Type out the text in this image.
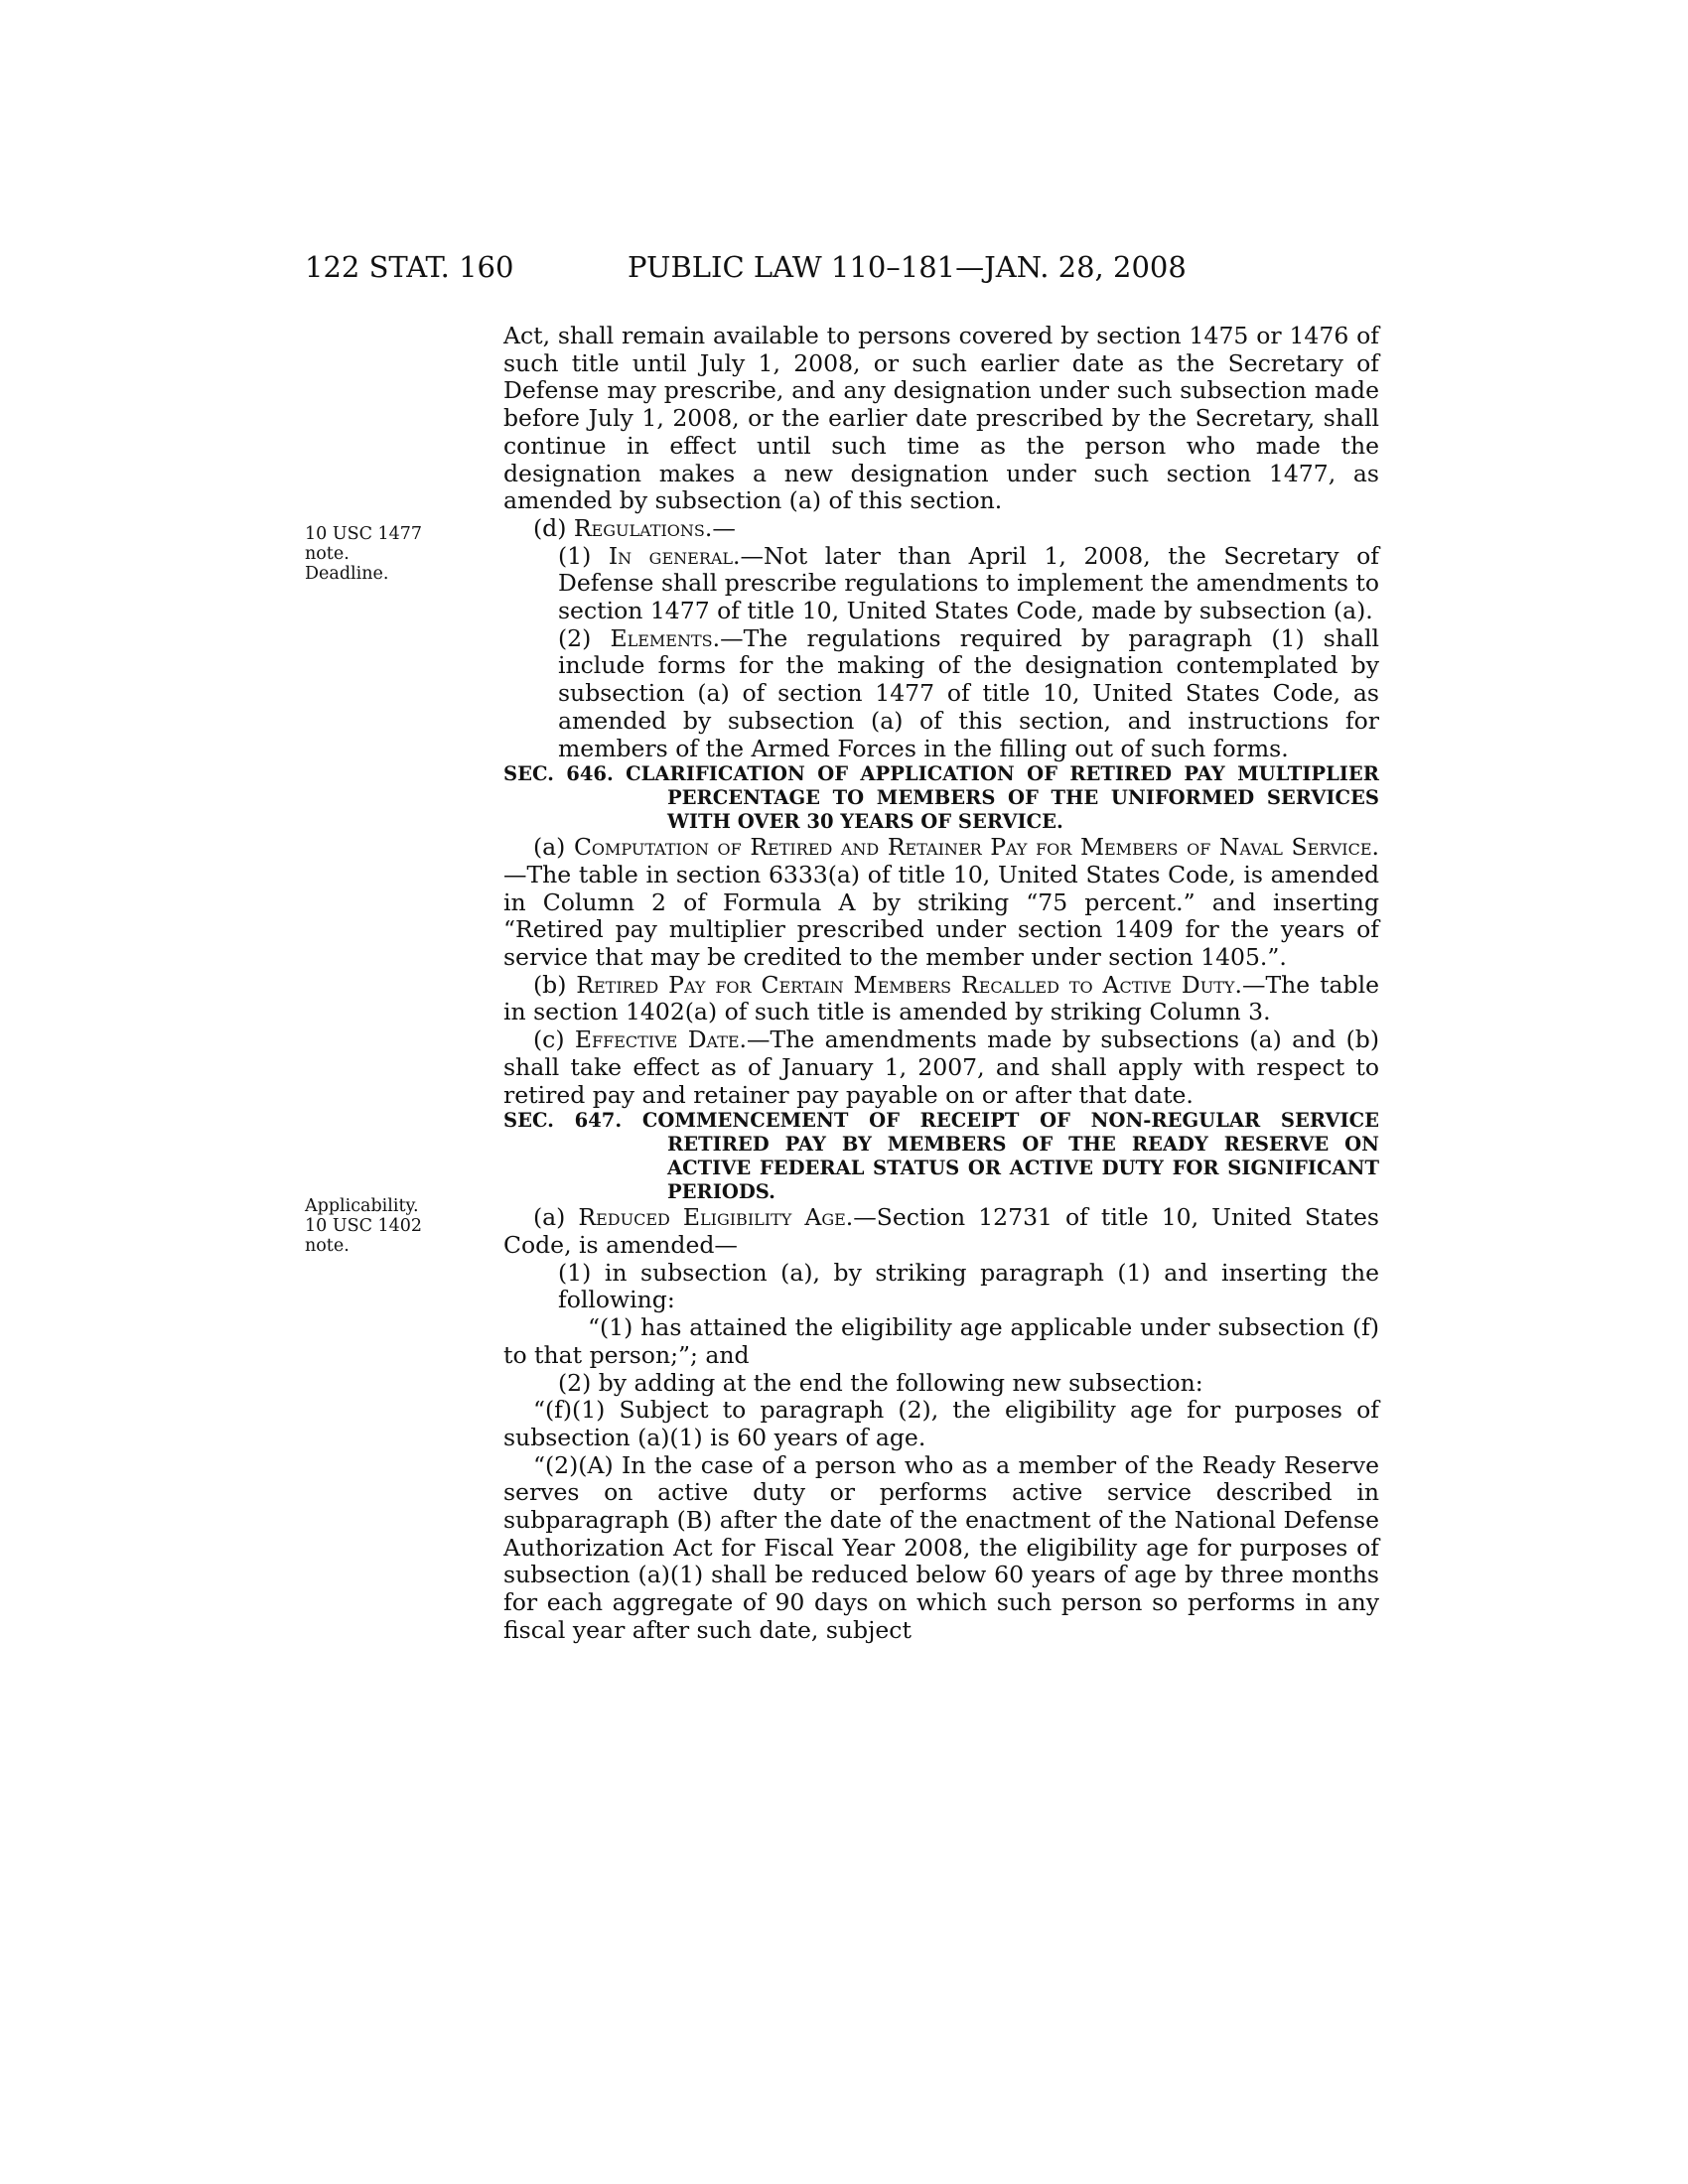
122 STAT. 160	PUBLIC LAW 110–181—JAN. 28, 2008
10 USC 1477
note.
Deadline.
Applicability.
10 USC 1402
note.

Act, shall remain available to persons covered by section 1475 or 1476 of such title until July 1, 2008, or such earlier date as the Secretary of Defense may prescribe, and any designation under such subsection made before July 1, 2008, or the earlier date prescribed by the Secretary, shall continue in effect until such time as the person who made the designation makes a new designation under such section 1477, as amended by subsection (a) of this section.

(d) Regulations.—

(1) In general.—Not later than April 1, 2008, the Secretary of Defense shall prescribe regulations to implement the amendments to section 1477 of title 10, United States Code, made by subsection (a).

(2) Elements.—The regulations required by paragraph (1) shall include forms for the making of the designation contemplated by subsection (a) of section 1477 of title 10, United States Code, as amended by subsection (a) of this section, and instructions for members of the Armed Forces in the filling out of such forms.

SEC. 646. CLARIFICATION OF APPLICATION OF RETIRED PAY MULTIPLIER PERCENTAGE TO MEMBERS OF THE UNIFORMED SERVICES WITH OVER 30 YEARS OF SERVICE.

(a) Computation of Retired and Retainer Pay for Members of Naval Service.—The table in section 6333(a) of title 10, United States Code, is amended in Column 2 of Formula A by striking “75 percent.” and inserting “Retired pay multiplier prescribed under section 1409 for the years of service that may be credited to the member under section 1405.”.

(b) Retired Pay for Certain Members Recalled to Active Duty.—The table in section 1402(a) of such title is amended by striking Column 3.

(c) Effective Date.—The amendments made by subsections (a) and (b) shall take effect as of January 1, 2007, and shall apply with respect to retired pay and retainer pay payable on or after that date.

SEC. 647. COMMENCEMENT OF RECEIPT OF NON-REGULAR SERVICE RETIRED PAY BY MEMBERS OF THE READY RESERVE ON ACTIVE FEDERAL STATUS OR ACTIVE DUTY FOR SIGNIFICANT PERIODS.

(a) Reduced Eligibility Age.—Section 12731 of title 10, United States Code, is amended—

(1) in subsection (a), by striking paragraph (1) and inserting the following:

“(1) has attained the eligibility age applicable under subsection (f) to that person;”; and

(2) by adding at the end the following new subsection:

“(f)(1) Subject to paragraph (2), the eligibility age for purposes of subsection (a)(1) is 60 years of age.

“(2)(A) In the case of a person who as a member of the Ready Reserve serves on active duty or performs active service described in subparagraph (B) after the date of the enactment of the National Defense Authorization Act for Fiscal Year 2008, the eligibility age for purposes of subsection (a)(1) shall be reduced below 60 years of age by three months for each aggregate of 90 days on which such person so performs in any fiscal year after such date, subject
